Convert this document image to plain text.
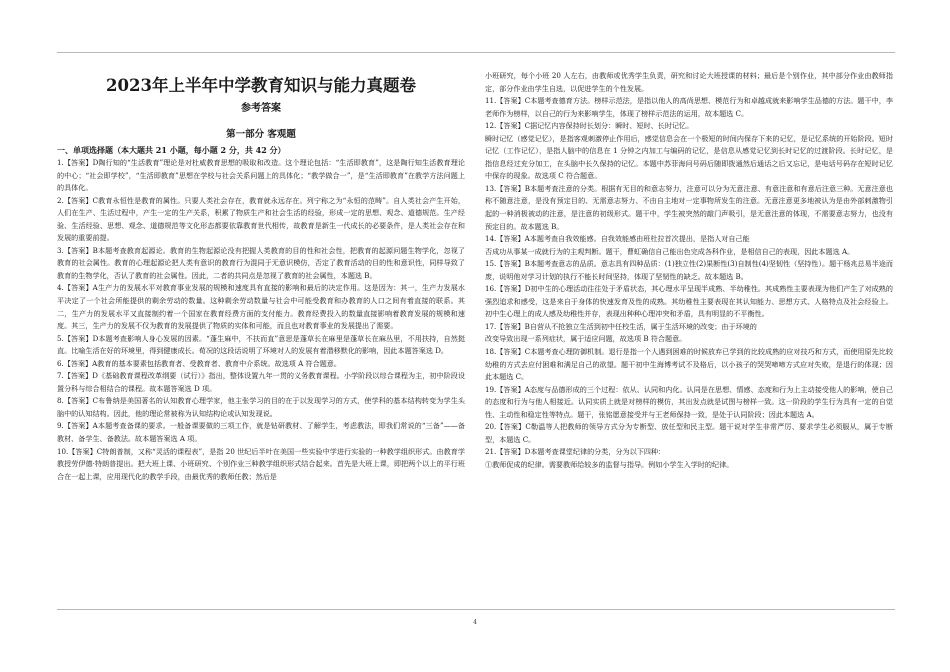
2023年上半年中学教育知识与能力真题卷
参考答案
第一部分 客观题
一、单项选择题（本大题共 21 小题，每小题 2 分，共 42 分）

1.【答案】D陶行知的“生活教育”理论是对杜威教育思想的吸取和改造。这个理论包括：“生活即教育”，这是陶行知生活教育理论的中心；“社会即学校”，“生活即教育”思想在学校与社会关系问题上的具体化；“教学做合一”，是“生活即教育”在教学方法问题上的具体化。

2.【答案】C教育永恒性是教育的属性。只要人类社会存在，教育就永远存在。列宁称之为“永恒的范畴”。自人类社会产生开始，人们在生产、生活过程中，产生一定的生产关系，积累了物质生产和社会生活的经验，形成一定的思想、观念、道德规范。生产经验、生活经验、思想、观念、道德规范等文化形态都要依靠教育世代相传，故教育是新生一代成长的必要条件，是人类社会存在和发展的重要前提。

3.【答案】B本题考查教育起源论。教育的生物起源论没有把握人类教育的目的性和社会性，把教育的起源问题生物学化，忽视了教育的社会属性。教育的心理起源论把人类有意识的教育行为混同于无意识模仿，否定了教育活动的目的性和意识性，同样导致了教育的生物学化，否认了教育的社会属性。因此，二者的共同点是忽视了教育的社会属性，本题选 B。

4.【答案】A生产力的发展水平对教育事业发展的规模和速度具有直接的影响和最后的决定作用。这是因为：其一，生产力发展水平决定了一个社会所能提供的剩余劳动的数量。这种剩余劳动数量与社会中可能受教育和办教育的人口之间有着直接的联系。其二，生产力的发展水平又直接制约着一个国家在教育经费方面的支付能力。教育经费投入的数量直接影响着教育发展的规模和速度。其三，生产力的发展不仅为教育的发展提供了物质的实体和可能，而且也对教育事业的发展提出了需要。

5.【答案】D本题考查影响人身心发展的因素。“蓬生麻中，不扶而直”意思是蓬草长在麻里是蓬草长在麻丛里，不用扶持，自然挺直。比喻生活在好的环境里，得到健康成长。荀况的这段话说明了环境对人的发展有着潜移默化的影响，因此本题答案选 D。

6.【答案】A教育的基本要素包括教育者、受教育者、教育中介系统。故选项 A 符合题意。

7.【答案】D《基础教育课程改革纲要（试行）》指出，整体设置九年一贯的义务教育课程。小学阶段以综合课程为主，初中阶段设置分科与综合相结合的课程。故本题答案选 D 项。

8.【答案】C布鲁纳是美国著名的认知教育心理学家，他主张学习的目的在于以发现学习的方式，使学科的基本结构转变为学生头脑中的认知结构。因此，他的理论常被称为认知结构论或认知发现说。

9.【答案】A本题考查备课的要求。一般备课要做的三项工作，就是钻研教材、了解学生，考虑教法，即我们常说的“三备”——备教材、备学生、备教法。故本题答案选 A 项。

10.【答案】C特朗普制，又称“灵活的课程表”，是指 20 世纪后半叶在美国一些实验中学进行实验的一种教学组织形式。由教育学教授劳伊德·特朗普提出。把大班上课、小班研究、个别作业三种教学组织形式结合起来。首先是大班上课，即把两个以上的平行班合在一起上课，应用现代化的教学手段，由最优秀的教师任教；然后是

小班研究，每个小班 20 人左右，由教师或优秀学生负责，研究和讨论大班授课的材料；最后是个别作业，其中部分作业由教师指定，部分作业由学生自选，以促进学生的个性发展。

11.【答案】C本题考查德育方法。榜样示范法，是指以他人的高尚思想、模范行为和卓越成就来影响学生品德的方法。题干中，李老师作为榜样，以自己的行为来影响学生，体现了榜样示范法的运用，故本题选 C。

12.【答案】C据记忆内容保持时长划分：瞬时、短时、长时记忆。

瞬时记忆（感觉记忆），是指客观刺激停止作用后，感觉信息会在一个极短的时间内保存下来的记忆，是记忆系统的开始阶段。短时记忆（工作记忆），是指人脑中的信息在 1 分钟之内加工与编码的记忆，是信息从感觉记忆到长时记忆的过渡阶段。长时记忆，是指信息经过充分加工，在头脑中长久保持的记忆。本题中苏菲海问号码后随即拨通然后通话之后又忘记，是电话号码存在短时记忆中保存的现象。故选项 C 符合题意。

13.【答案】B本题考查注意的分类。根据有无目的和意志努力，注意可以分为无意注意、有意注意和有意后注意三种。无意注意也称不随意注意，是没有预定目的、无需意志努力、不由自主地对一定事物所发生的注意。无意注意更多地被认为是由外部刺激物引起的一种消极被动的注意，是注意的初级形式。题干中，学生被突然的敲门声吸引，是无意注意的体现，不需要意志努力，也没有预定目的。故本题选 B。

14.【答案】A本题考查自我效能感。自我效能感由班杜拉首次提出，是指人对自己能

否成功从事某一成就行为的主观判断。题干，曹虹确信自己能出色完成各科作业，是相信自己的表现，因此本题选 A。

15.【答案】B本题考查意志的品质。意志具有四种品质：(1)独立性(2)果断性(3)自制性(4)坚韧性（坚持性）。题干杨兆总易半途而废，说明他对学习计划的执行不能长时间坚持，体现了坚韧性的缺乏。故本题选 B。

16.【答案】D初中生的心理活动往往处于矛盾状态，其心理水平呈现半成熟、半幼稚性。其成熟性主要表现为他们产生了对成熟的强烈追求和感受，这是来自于身体的快速发育及性的成熟。其幼稚性主要表现在其认知能力、思想方式、人格特点及社会经验上。初中生心理上的成人感及幼稚性并存，表现出种种心理冲突和矛盾，具有明显的不平衡性。

17.【答案】B自营从不抢独立生活到初中任校生活，属于生活环境的改变；由于环境的

改变导致出现一系列症状，属于适应问题，故选项 B 符合题意。

18.【答案】C本题考查心理防御机制。退行是指一个人遇到困难的时候放弃已学到的比较成熟的应对技巧和方式，而使用原先比较幼稚的方式去应付困难和满足自己的欲望。题干初中生海博考试不及格后，以小孩子的哭哭啼啼方式应对失败，是退行的体现；因此本题选 C。

19.【答案】A态度与品德形成的三个过程：依从、认同和内化。认同是在思想、情感、态度和行为上主动接受他人的影响，使自己的态度和行为与他人相接近。认同实质上就是对榜样的模仿，其出发点就是试图与榜样一致。这一阶段的学生行为具有一定的自觉性、主动性和稳定性等特点。题干，张铭愿意接受并与王老师保持一致，是处于认同阶段；因此本题选 A。

20.【答案】C勒温等人把教师的领导方式分为专断型、放任型和民主型。题干说对学生非常严厉、要求学生必须服从，属于专断型，本题选 C。

21.【答案】D本题考查课堂纪律的分类，分为以下四种：

①教师促成的纪律。需要教师给较多的监督与指导。例如小学生入学时的纪律。

4
